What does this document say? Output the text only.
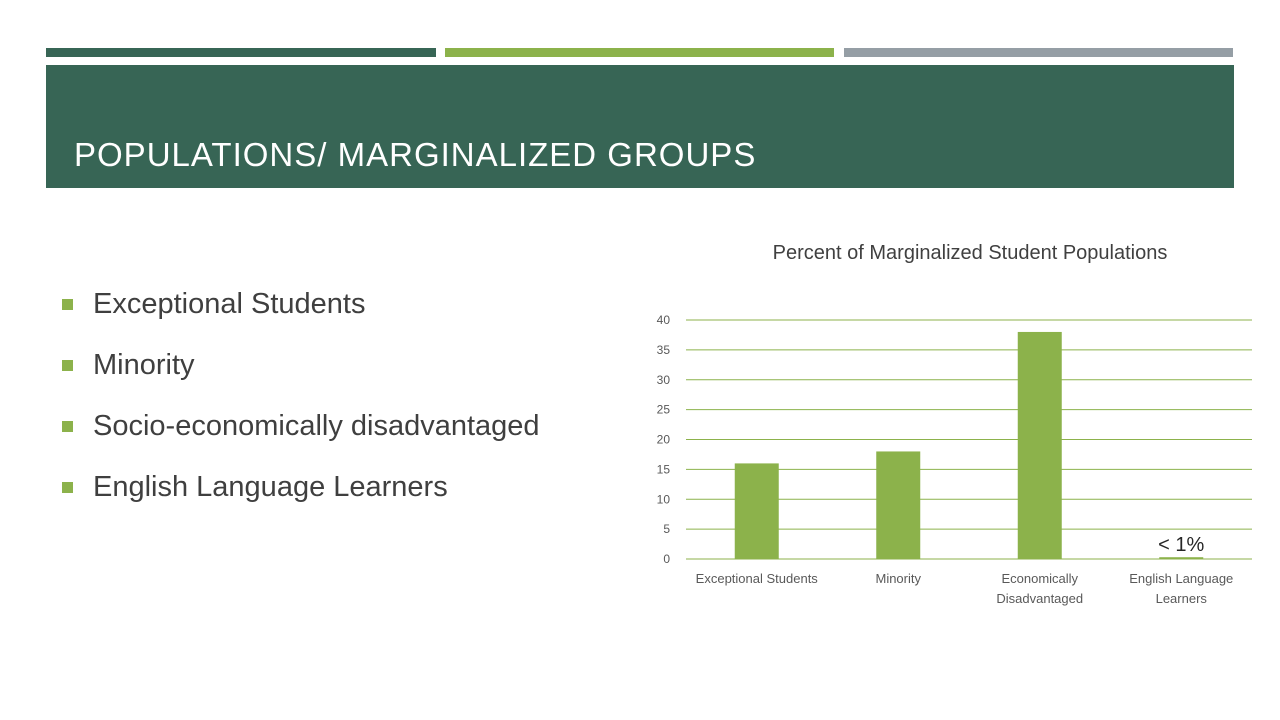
POPULATIONS/ MARGINALIZED GROUPS
Exceptional Students
Minority
Socio-economically disadvantaged
English Language Learners
Percent of Marginalized Student Populations
0
5
10
15
20
25
30
35
40
Exceptional Students	Minority	Economically Disadvantaged
English Language Learners
< 1%
